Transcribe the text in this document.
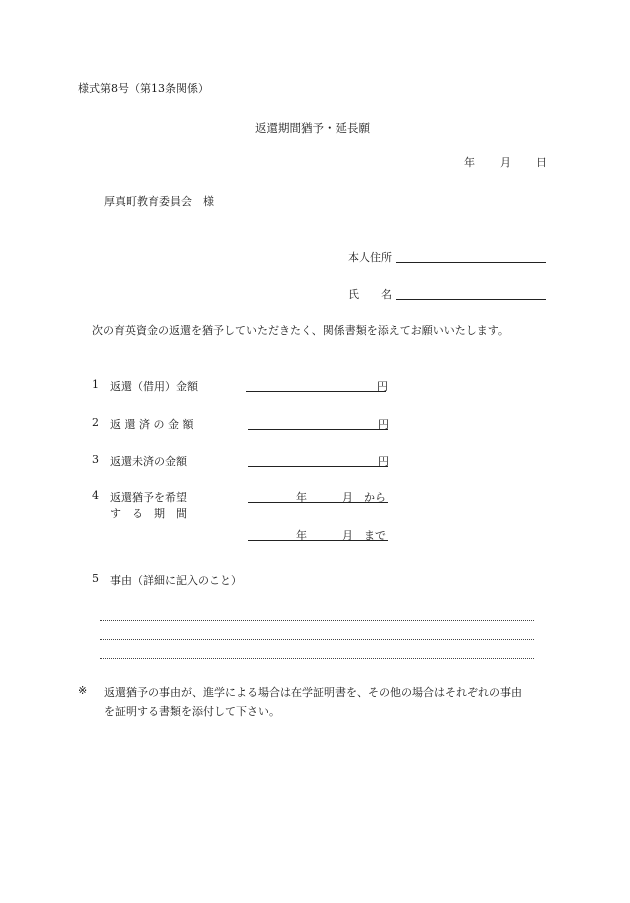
様式第8号（第13条関係）
返還期間猶予・延長願
年 月 日
厚真町教育委員会　様
本人住所
氏　　名
次の育英資金の返還を猶予していただきたく、関係書類を添えてお願いいたします。
1 返還（借用）金額	円
2 返 還 済 の 金 額	円
3 返還未済の金額	円
4 返還猶予を希望
す　る　期　間
年	月 から
年	月 まで
5 事由（詳細に記入のこと）
※ 返還猶予の事由が、進学による場合は在学証明書を、その他の場合はそれぞれの事由
を証明する書類を添付して下さい。
